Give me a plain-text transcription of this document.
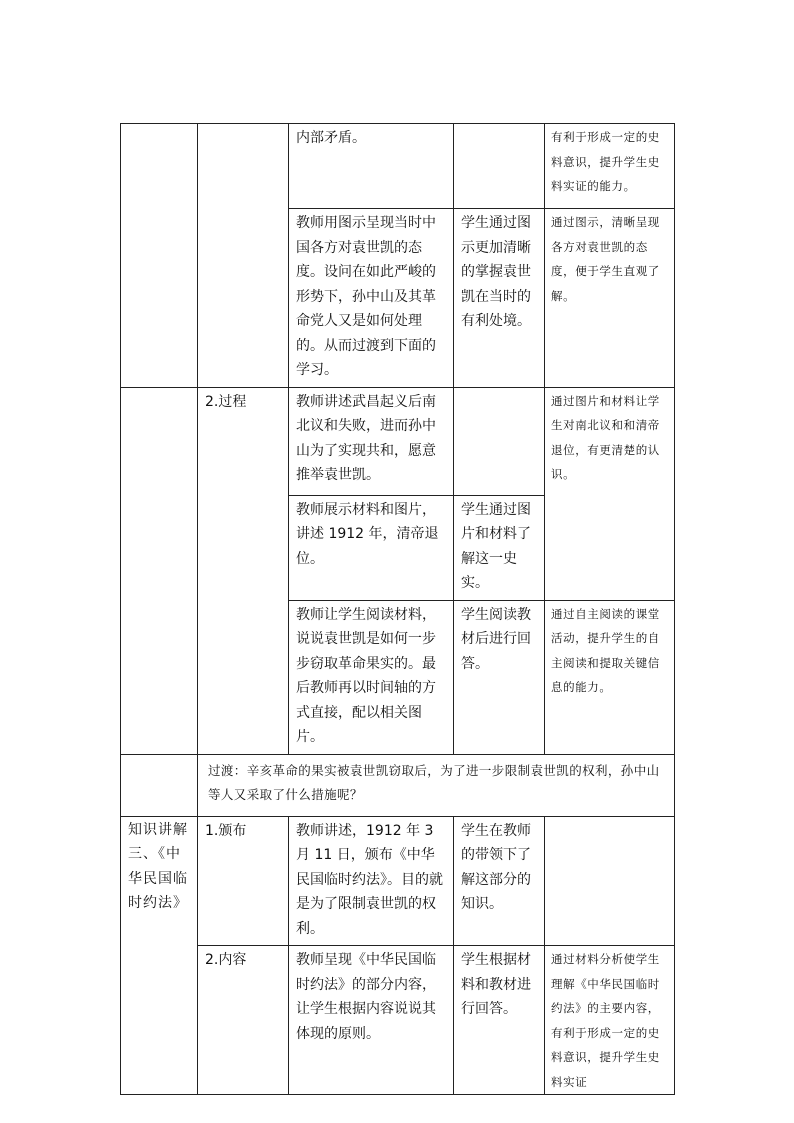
		内部矛盾。		有利于形成一定的史料意识，提升学生史料实证的能力。
		教师用图示呈现当时中国各方对袁世凯的态度。设问在如此严峻的形势下，孙中山及其革命党人又是如何处理的。从而过渡到下面的学习。	学生通过图示更加清晰的掌握袁世凯在当时的有利处境。	通过图示，清晰呈现各方对袁世凯的态度，便于学生直观了解。
	2.过程	教师讲述武昌起义后南北议和失败，进而孙中山为了实现共和，愿意推举袁世凯。		通过图片和材料让学生对南北议和和清帝退位，有更清楚的认识。
		教师展示材料和图片，讲述 1912 年，清帝退位。	学生通过图片和材料了解这一史实。	
		教师让学生阅读材料，说说袁世凯是如何一步步窃取革命果实的。最后教师再以时间轴的方式直接，配以相关图片。	学生阅读教材后进行回答。	通过自主阅读的课堂活动，提升学生的自主阅读和提取关键信息的能力。
	过渡：辛亥革命的果实被袁世凯窃取后，为了进一步限制袁世凯的权利，孙中山等人又采取了什么措施呢？			
知识讲解三、《中华民国临时约法》	1.颁布	教师讲述，1912 年 3 月 11 日，颁布《中华民国临时约法》。目的就是为了限制袁世凯的权利。	学生在教师的带领下了解这部分的知识。	
	2.内容	教师呈现《中华民国临时约法》的部分内容，让学生根据内容说说其体现的原则。	学生根据材料和教材进行回答。	通过材料分析使学生理解《中华民国临时约法》的主要内容，有利于形成一定的史料意识，提升学生史料实证
